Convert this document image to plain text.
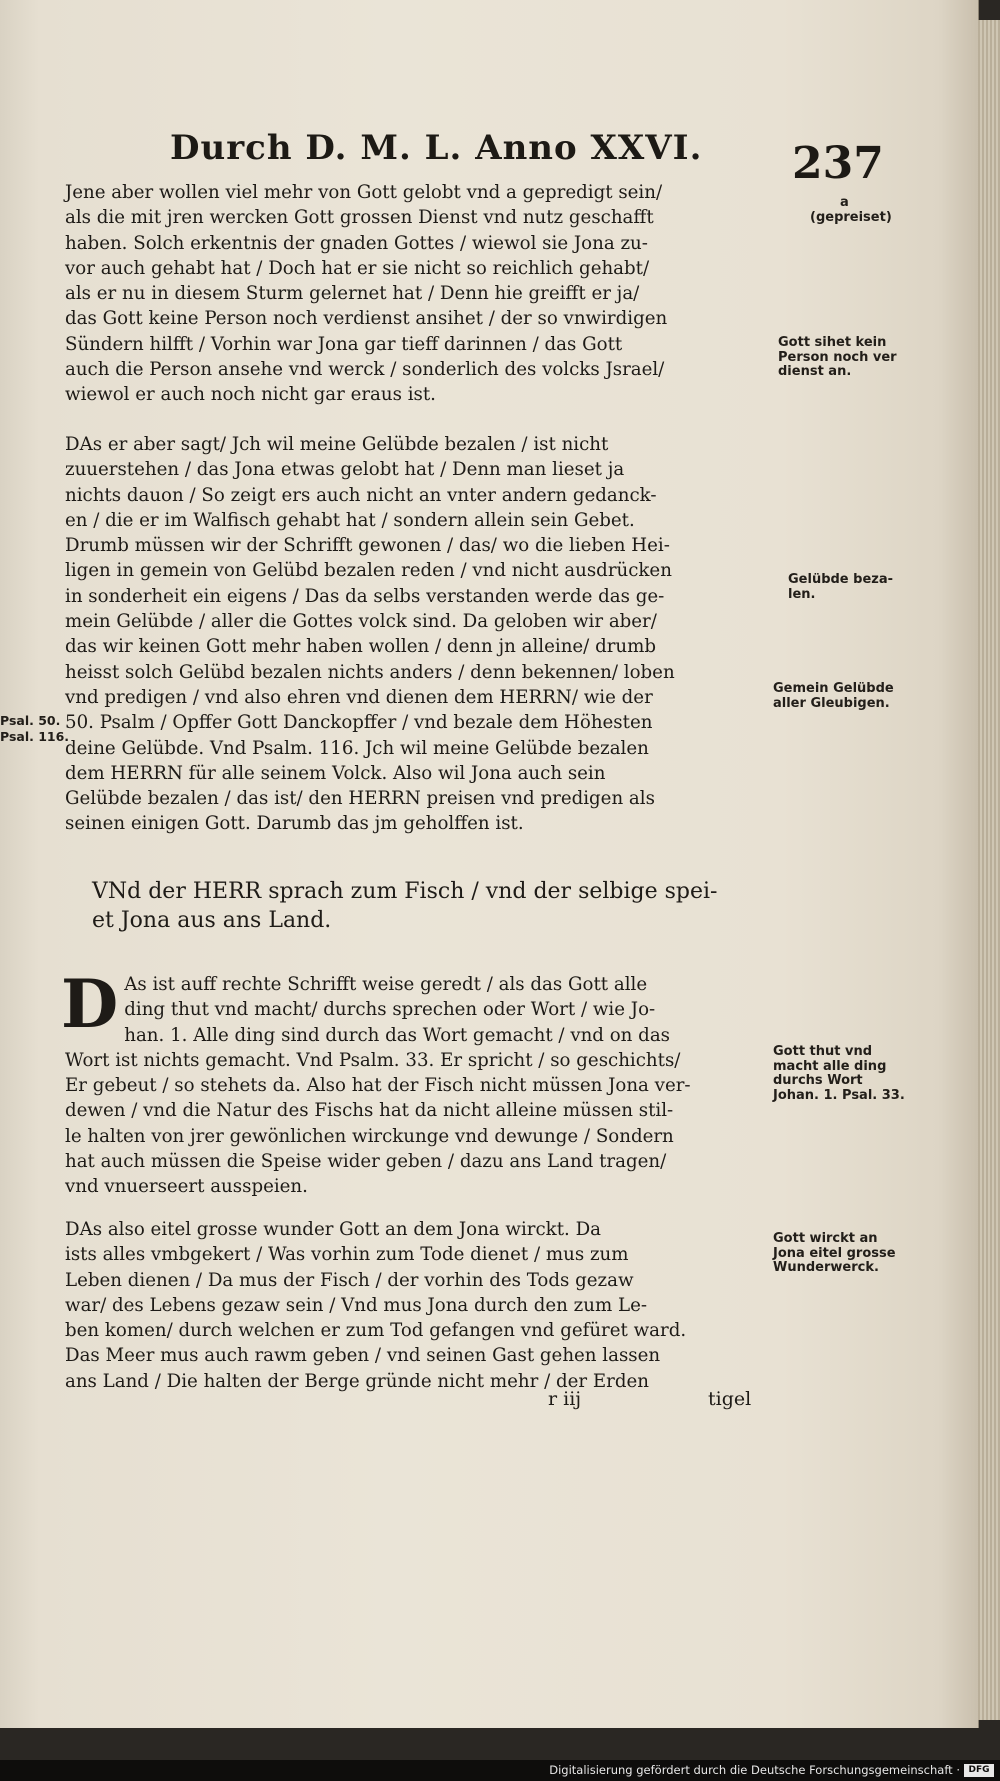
Durch D. M. L. Anno XXVI. 237

Jene aber wollen viel mehr von Gott gelobt vnd a gepredigt sein/

als die mit jren wercken Gott grossen Dienst vnd nutz geschafft

haben. Solch erkentnis der gnaden Gottes / wiewol sie Jona zu-

vor auch gehabt hat / Doch hat er sie nicht so reichlich gehabt/

als er nu in diesem Sturm gelernet hat / Denn hie greifft er ja/

das Gott keine Person noch verdienst ansihet / der so vnwirdigen

Sündern hilfft / Vorhin war Jona gar tieff darinnen / das Gott

auch die Person ansehe vnd werck / sonderlich des volcks Jsrael/

wiewol er auch noch nicht gar eraus ist.

DAs er aber sagt/ Jch wil meine Gelübde bezalen / ist nicht

zuuerstehen / das Jona etwas gelobt hat / Denn man lieset ja

nichts dauon / So zeigt ers auch nicht an vnter andern gedanck-

en / die er im Walfisch gehabt hat / sondern allein sein Gebet.

Drumb müssen wir der Schrifft gewonen / das/ wo die lieben Hei-

ligen in gemein von Gelübd bezalen reden / vnd nicht ausdrücken

in sonderheit ein eigens / Das da selbs verstanden werde das ge-

mein Gelübde / aller die Gottes volck sind. Da geloben wir aber/

das wir keinen Gott mehr haben wollen / denn jn alleine/ drumb

heisst solch Gelübd bezalen nichts anders / denn bekennen/ loben

vnd predigen / vnd also ehren vnd dienen dem HERRN/ wie der

50. Psalm / Opffer Gott Danckopffer / vnd bezale dem Höhesten

deine Gelübde. Vnd Psalm. 116. Jch wil meine Gelübde bezalen

dem HERRN für alle seinem Volck. Also wil Jona auch sein

Gelübde bezalen / das ist/ den HERRN preisen vnd predigen als

seinen einigen Gott. Darumb das jm geholffen ist.

VNd der HERR sprach zum Fisch / vnd der selbige spei-

et Jona aus ans Land.

D As ist auff rechte Schrifft weise geredt / als das Gott alle

ding thut vnd macht/ durchs sprechen oder Wort / wie Jo-

han. 1. Alle ding sind durch das Wort gemacht / vnd on das

Wort ist nichts gemacht. Vnd Psalm. 33. Er spricht / so geschichts/

Er gebeut / so stehets da. Also hat der Fisch nicht müssen Jona ver-

dewen / vnd die Natur des Fischs hat da nicht alleine müssen stil-

le halten von jrer gewönlichen wirckunge vnd dewunge / Sondern

hat auch müssen die Speise wider geben / dazu ans Land tragen/

vnd vnuerseert ausspeien.

DAs also eitel grosse wunder Gott an dem Jona wirckt. Da

ists alles vmbgekert / Was vorhin zum Tode dienet / mus zum

Leben dienen / Da mus der Fisch / der vorhin des Tods gezaw

war/ des Lebens gezaw sein / Vnd mus Jona durch den zum Le-

ben komen/ durch welchen er zum Tod gefangen vnd gefüret ward.

Das Meer mus auch rawm geben / vnd seinen Gast gehen lassen

ans Land / Die halten der Berge gründe nicht mehr / der Erden

r iij	tigel

a

(gepreiset)

Gott sihet kein

Person noch ver

dienst an.

Gelübde beza-

len.

Gemein Gelübde

aller Gleubigen.

Gott thut vnd

macht alle ding

durchs Wort

Johan. 1. Psal. 33.

Gott wirckt an

Jona eitel grosse

Wunderwerck.

Psal. 50.

Psal. 116.

Digitalisierung gefördert durch die Deutsche Forschungsgemeinschaft · DFG
